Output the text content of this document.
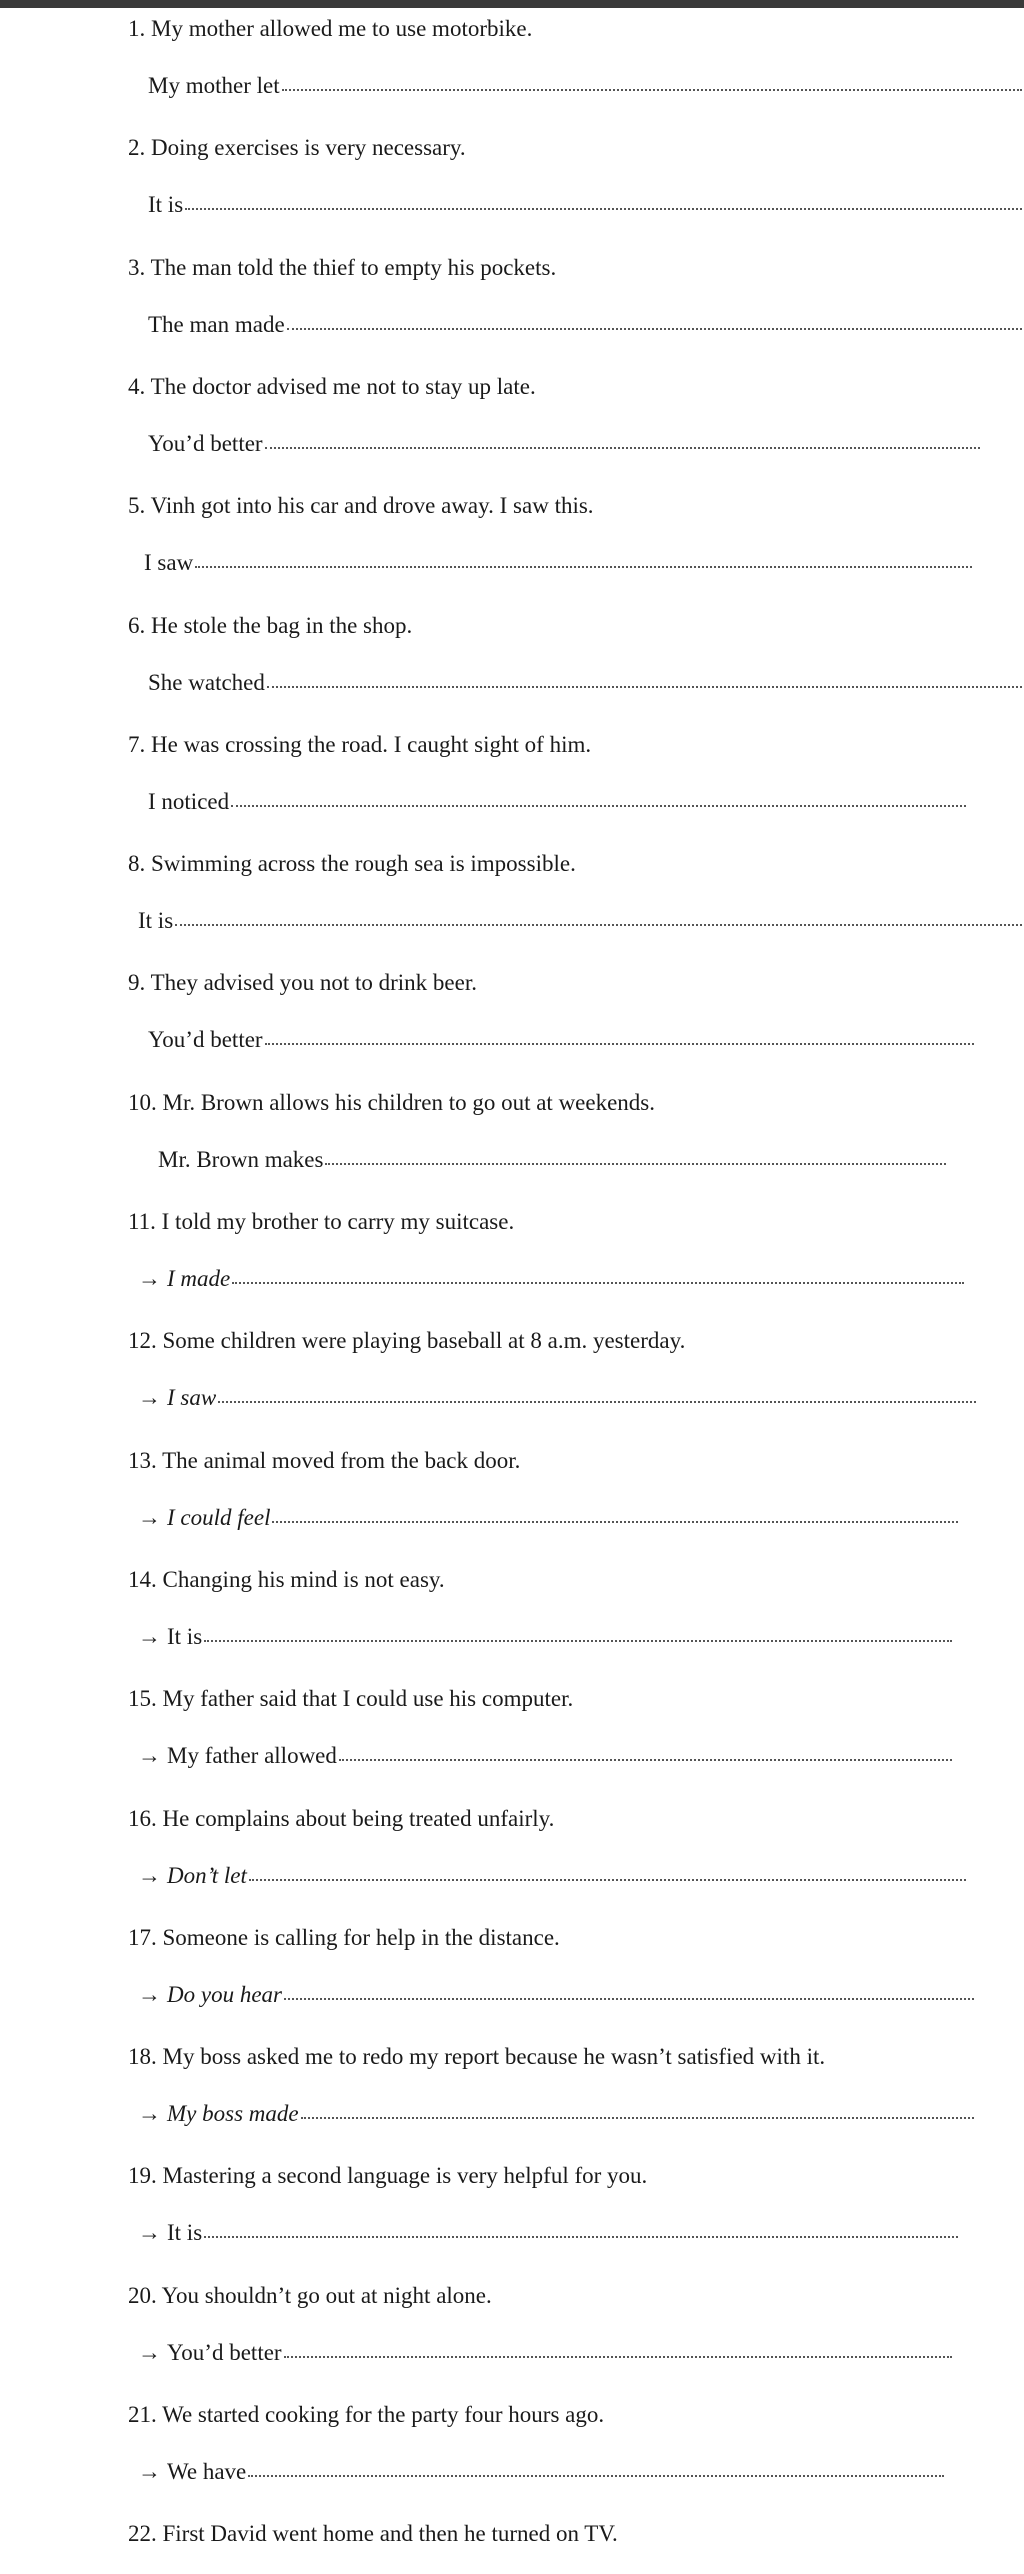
1. My mother allowed me to use motorbike.
My mother let
2. Doing exercises is very necessary.
It is
3. The man told the thief to empty his pockets.
The man made
4. The doctor advised me not to stay up late.
You’d better
5. Vinh got into his car and drove away. I saw this.
I saw
6. He stole the bag in the shop.
She watched
7. He was crossing the road. I caught sight of him.
I noticed
8. Swimming across the rough sea is impossible.
It is
9. They advised you not to drink beer.
You’d better
10. Mr. Brown allows his children to go out at weekends.
Mr. Brown makes
11. I told my brother to carry my suitcase.
→ I made
12. Some children were playing baseball at 8 a.m. yesterday.
→ I saw
13. The animal moved from the back door.
→ I could feel
14. Changing his mind is not easy.
→ It is
15. My father said that I could use his computer.
→ My father allowed
16. He complains about being treated unfairly.
→ Don’t let
17. Someone is calling for help in the distance.
→ Do you hear
18. My boss asked me to redo my report because he wasn’t satisfied with it.
→ My boss made
19. Mastering a second language is very helpful for you.
→ It is
20. You shouldn’t go out at night alone.
→ You’d better
21. We started cooking for the party four hours ago.
→ We have
22. First David went home and then he turned on TV.
